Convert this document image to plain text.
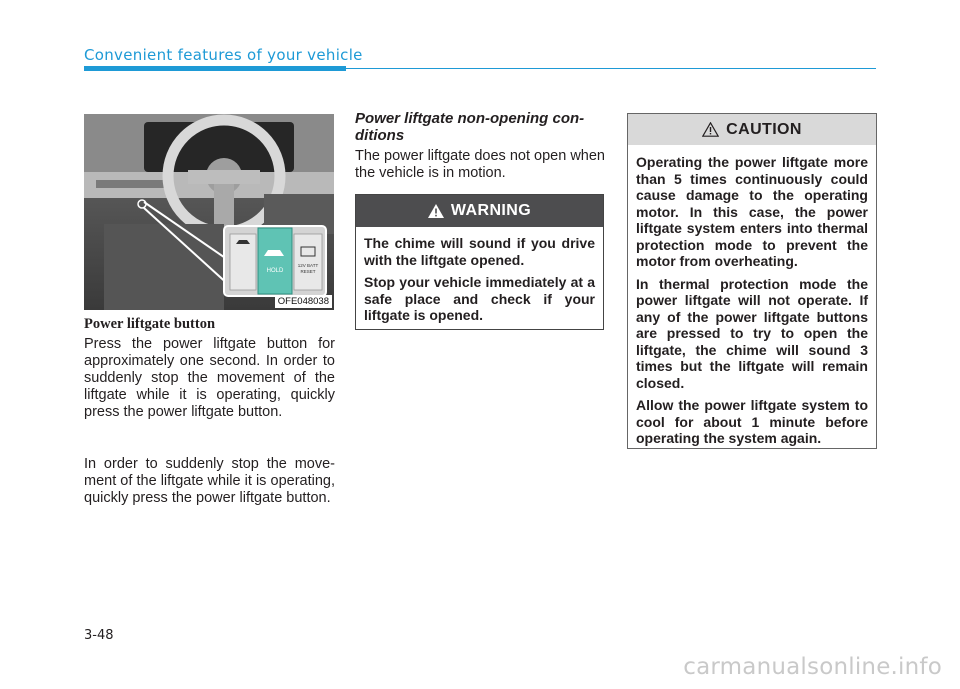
Convenient features of your vehicle
HOLD
12V BATT
RESET
OFE048038
Power liftgate button

Press the power liftgate button for approximately one second. In order to suddenly stop the movement of the liftgate while it is operating, quickly press the power liftgate button.

In order to suddenly stop the movement of the liftgate while it is operating, quickly press the power liftgate button.

Power liftgate non-opening conditions

The power liftgate does not open when the vehicle is in motion.

WARNING

The chime will sound if you drive with the liftgate opened.

Stop your vehicle immediately at a safe place and check if your liftgate is opened.

CAUTION

Operating the power liftgate more than 5 times continuously could cause damage to the operating motor. In this case, the power liftgate system enters into thermal protection mode to prevent the motor from overheating.

In thermal protection mode the power liftgate will not operate. If any of the power liftgate buttons are pressed to try to open the liftgate, the chime will sound 3 times but the liftgate will remain closed.

Allow the power liftgate system to cool for about 1 minute before operating the system again.

3-48
carmanualsonline.info
